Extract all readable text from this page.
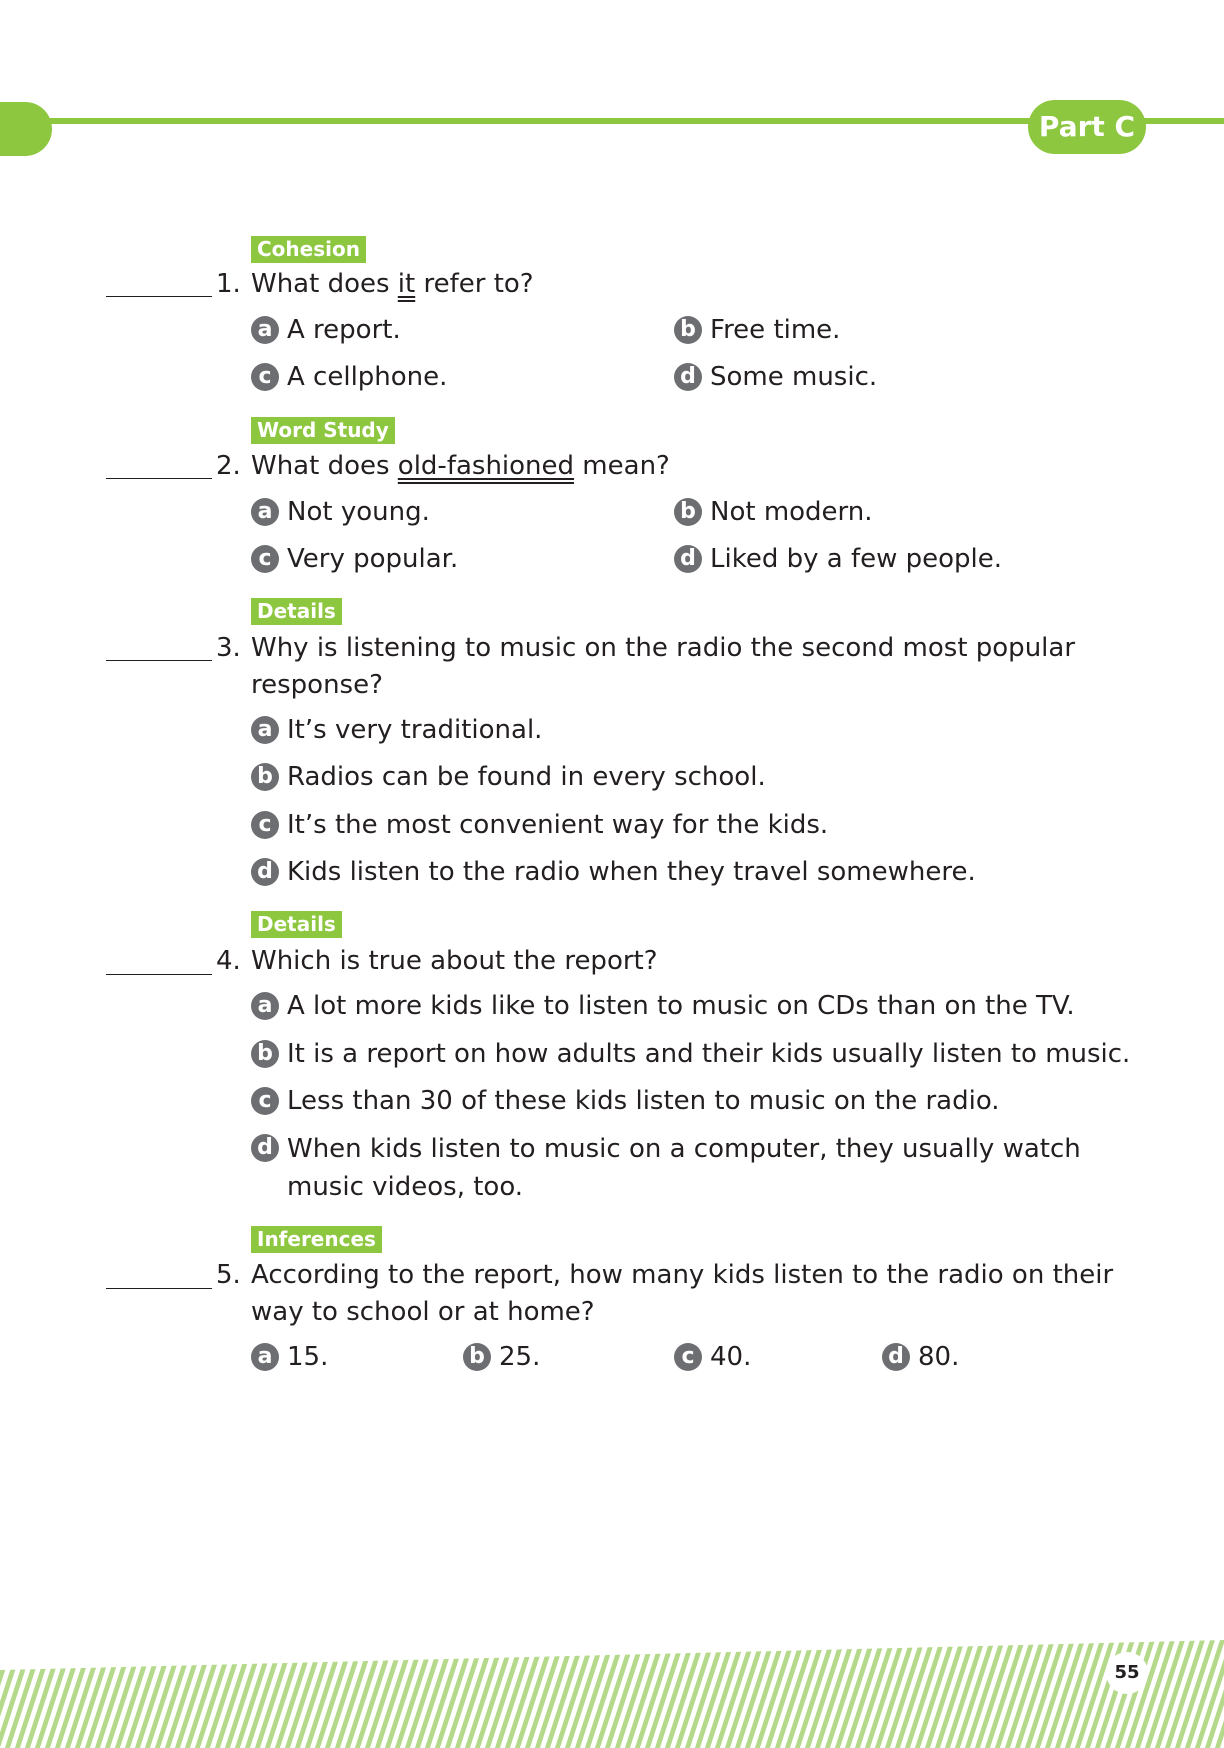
Part C
Cohesion
1. What does it refer to?
a A report.	b Free time.
c A cellphone.	d Some music.
Word Study
2. What does old-fashioned mean?
a Not young.	b Not modern.
c Very popular.	d Liked by a few people.
Details
3. Why is listening to music on the radio the second most popular response?
a It’s very traditional.
b Radios can be found in every school.
c It’s the most convenient way for the kids.
d Kids listen to the radio when they travel somewhere.
Details
4. Which is true about the report?
a A lot more kids like to listen to music on CDs than on the TV.
b It is a report on how adults and their kids usually listen to music.
c Less than 30 of these kids listen to music on the radio.
d When kids listen to music on a computer, they usually watch music videos, too.
Inferences
5. According to the report, how many kids listen to the radio on their way to school or at home?
a 15.	b 25.	c 40.	d 80.
55
